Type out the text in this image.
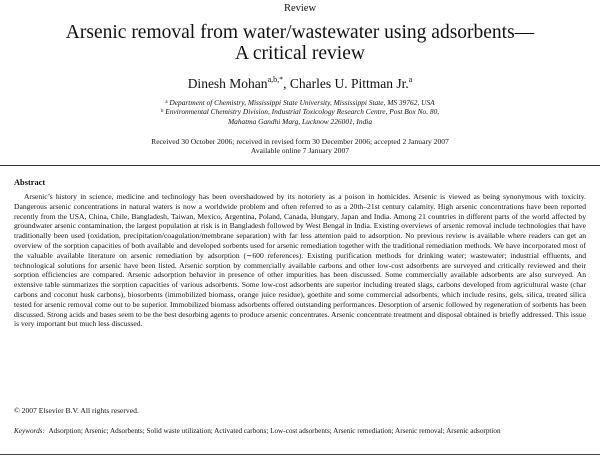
Review
Arsenic removal from water/wastewater using adsorbents—A critical review
Dinesh Mohan$^{a,b,*}$, Charles U. Pittman Jr.$^a$
$^a$ Department of Chemistry, Mississippi State University, Mississippi State, MS 39762, USA
$^b$ Environmental Chemistry Division, Industrial Toxicology Research Centre, Post Box No. 80,
Mahatma Gandhi Marg, Lucknow 226001, India
Received 30 October 2006; received in revised form 30 December 2006; accepted 2 January 2007
Available online 7 January 2007
Abstract
Arsenic’s history in science, medicine and technology has been overshadowed by its notoriety as a poison in homicides. Arsenic is viewed as being synonymous with toxicity. Dangerous arsenic concentrations in natural waters is now a worldwide problem and often referred to as a 20th–21st century calamity. High arsenic concentrations have been reported recently from the USA, China, Chile, Bangladesh, Taiwan, Mexico, Argentina, Poland, Canada, Hungary, Japan and India. Among 21 countries in different parts of the world affected by groundwater arsenic contamination, the largest population at risk is in Bangladesh followed by West Bengal in India. Existing overviews of arsenic removal include technologies that have traditionally been used (oxidation, precipitation/coagulation/membrane separation) with far less attention paid to adsorption. No previous review is available where readers can get an overview of the sorption capacities of both available and developed sorbents used for arsenic remediation together with the traditional remediation methods. We have incorporated most of the valuable available literature on arsenic remediation by adsorption (∼600 references). Existing purification methods for drinking water; wastewater; industrial effluents, and technological solutions for arsenic have been listed. Arsenic sorption by commercially available carbons and other low-cost adsorbents are surveyed and critically reviewed and their sorption efficiencies are compared. Arsenic adsorption behavior in presence of other impurities has been discussed. Some commercially available adsorbents are also surveyed. An extensive table summarizes the sorption capacities of various adsorbents. Some low-cost adsorbents are superior including treated slags, carbons developed from agricultural waste (char carbons and coconut husk carbons), biosorbents (immobilized biomass, orange juice residue), goethite and some commercial adsorbents, which include resins, gels, silica, treated silica tested for arsenic removal come out to be superior. Immobilized biomass adsorbents offered outstanding performances. Desorption of arsenic followed by regeneration of sorbents has been discussed. Strong acids and bases seem to be the best desorbing agents to produce arsenic concentrates. Arsenic concentrate treatment and disposal obtained is briefly addressed. This issue is very important but much less discussed.
© 2007 Elsevier B.V. All rights reserved.
Keywords: Adsorption; Arsenic; Adsorbents; Solid waste utilization; Activated carbons; Low-cost adsorbents; Arsenic remediation; Arsenic removal; Arsenic adsorption
